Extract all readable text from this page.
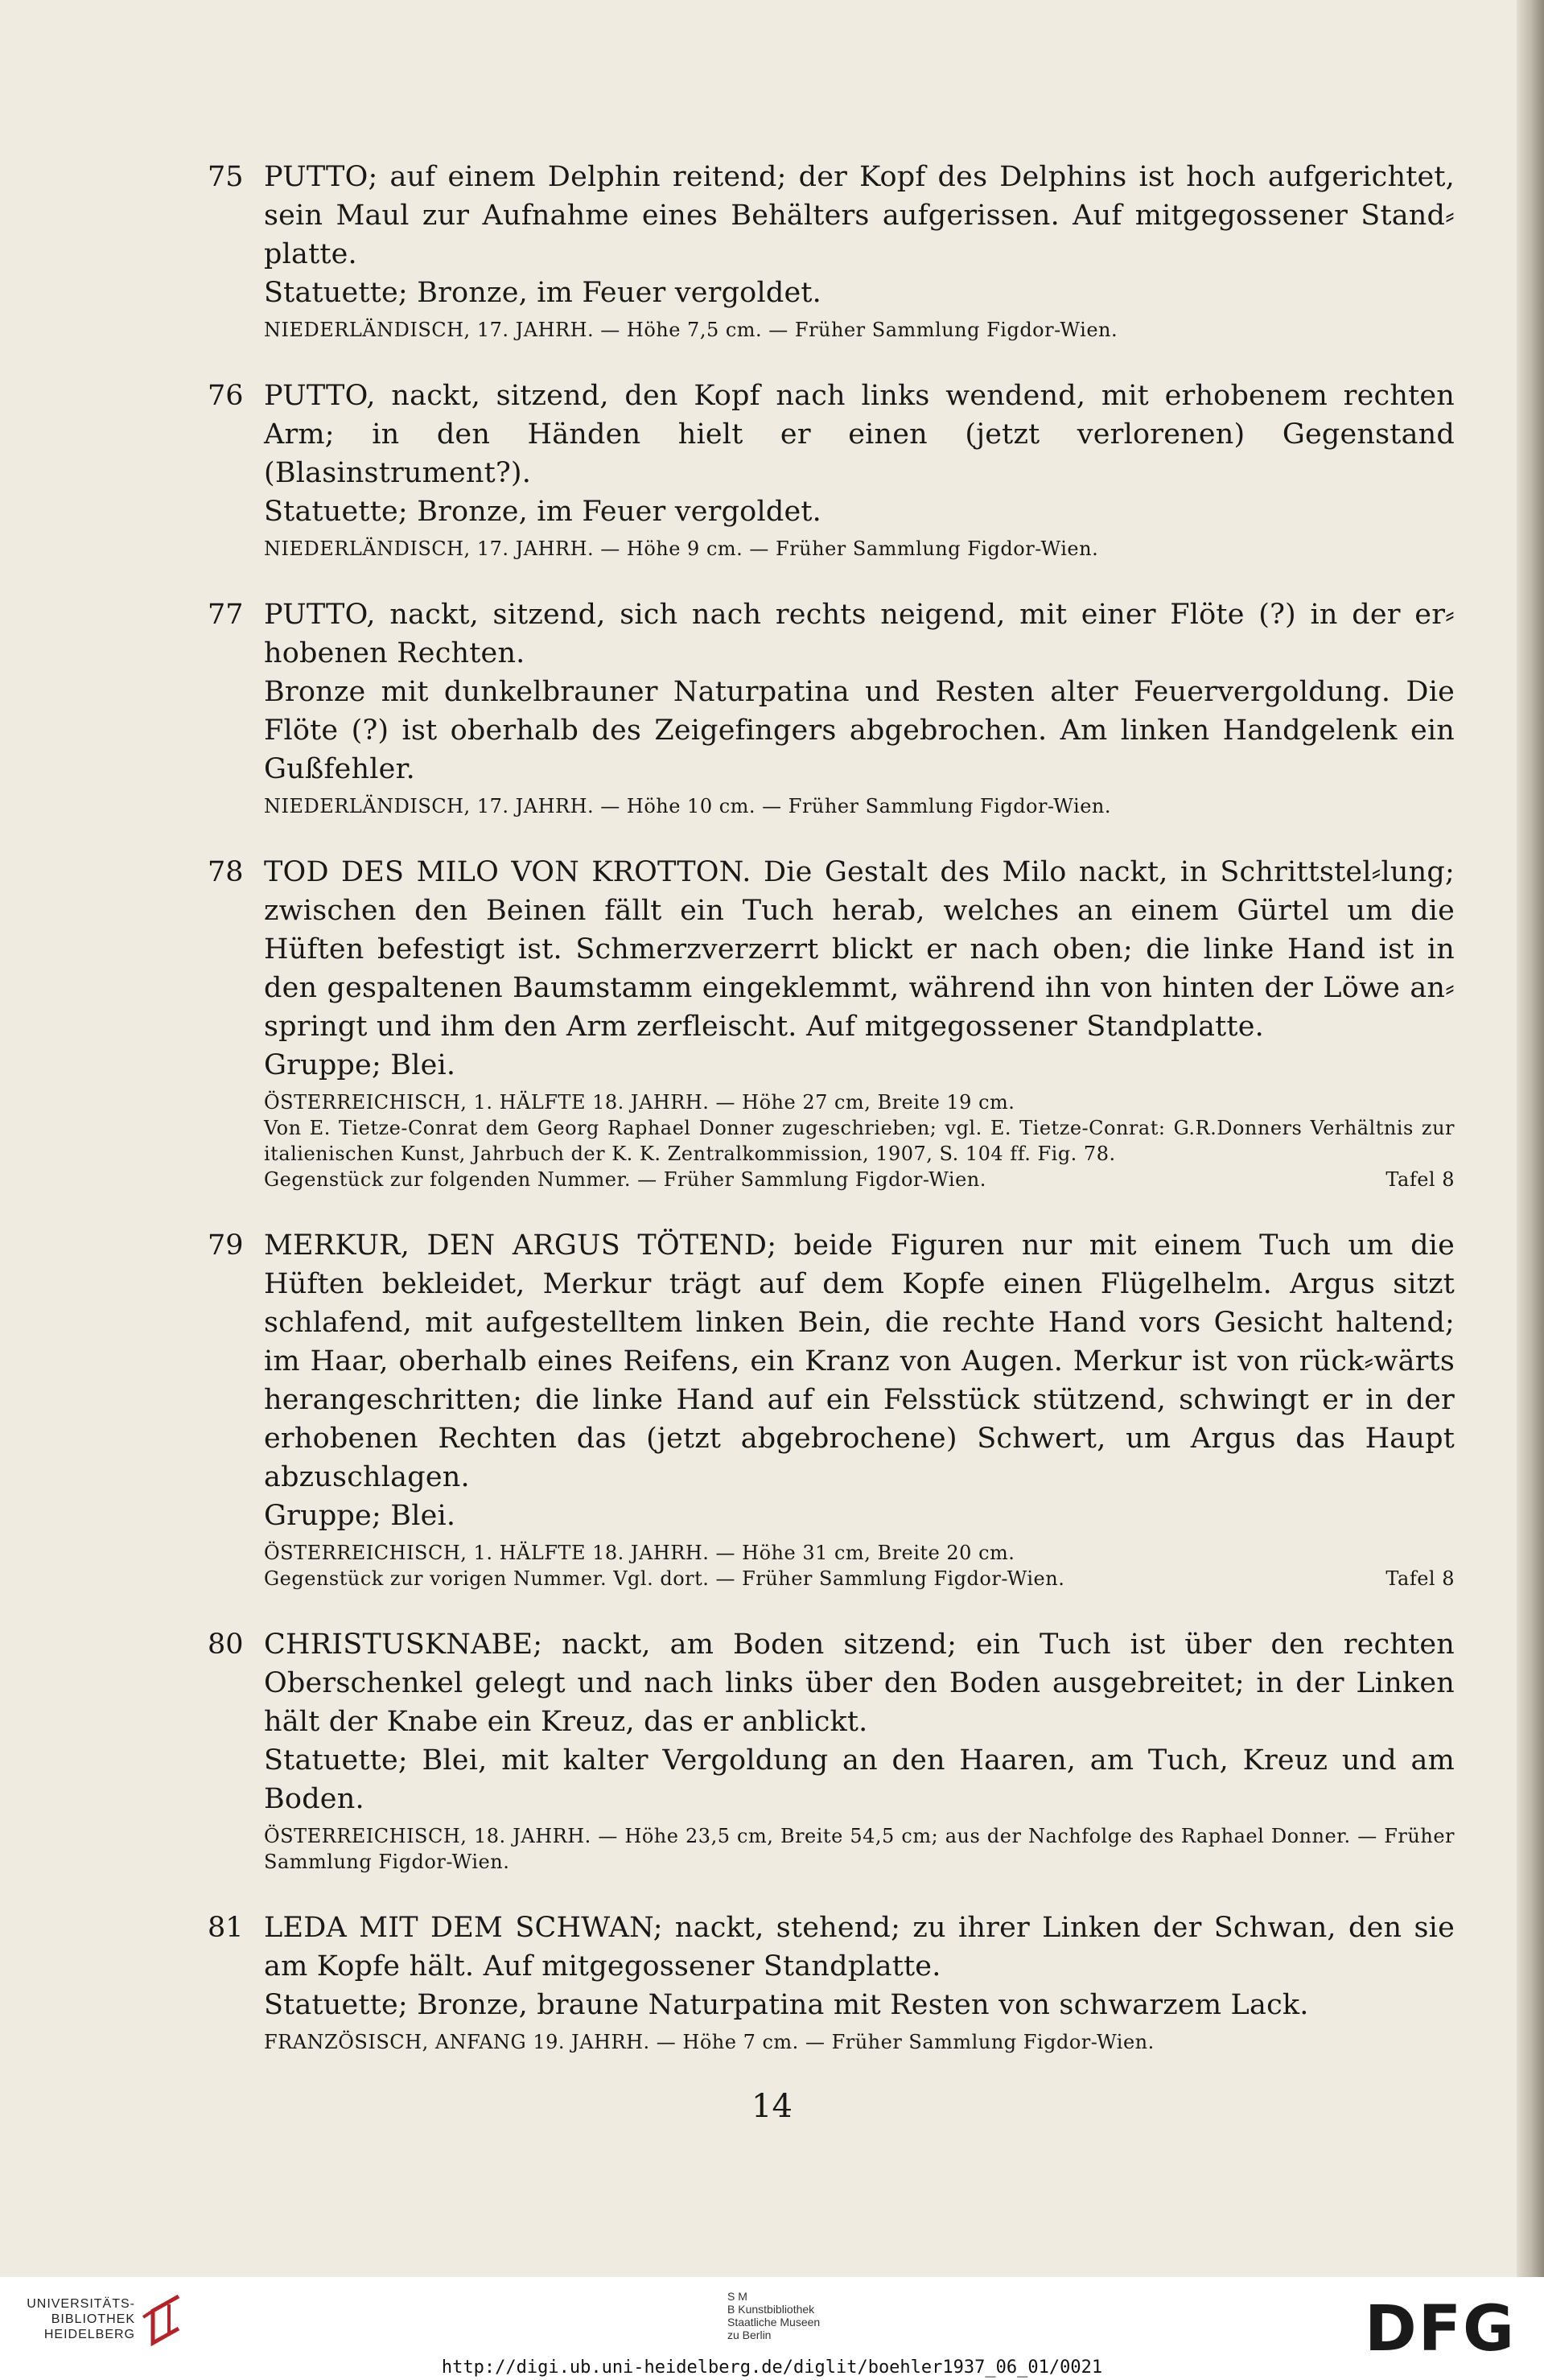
75 PUTTO; auf einem Delphin reitend; der Kopf des Delphins ist hoch aufgerichtet, sein Maul zur Aufnahme eines Behälters aufgerissen. Auf mitgegossener Stand⸗platte.

Statuette; Bronze, im Feuer vergoldet.

NIEDERLÄNDISCH, 17. JAHRH. — Höhe 7,5 cm. — Früher Sammlung Figdor-Wien.

76 PUTTO, nackt, sitzend, den Kopf nach links wendend, mit erhobenem rechten Arm; in den Händen hielt er einen (jetzt verlorenen) Gegenstand (Blasinstrument?).

Statuette; Bronze, im Feuer vergoldet.

NIEDERLÄNDISCH, 17. JAHRH. — Höhe 9 cm. — Früher Sammlung Figdor-Wien.

77 PUTTO, nackt, sitzend, sich nach rechts neigend, mit einer Flöte (?) in der er⸗hobenen Rechten.

Bronze mit dunkelbrauner Naturpatina und Resten alter Feuervergoldung. Die Flöte (?) ist oberhalb des Zeigefingers abgebrochen. Am linken Handgelenk ein Gußfehler.

NIEDERLÄNDISCH, 17. JAHRH. — Höhe 10 cm. — Früher Sammlung Figdor-Wien.

78 TOD DES MILO VON KROTTON. Die Gestalt des Milo nackt, in Schrittstel⸗lung; zwischen den Beinen fällt ein Tuch herab, welches an einem Gürtel um die Hüften befestigt ist. Schmerzverzerrt blickt er nach oben; die linke Hand ist in den gespaltenen Baumstamm eingeklemmt, während ihn von hinten der Löwe an⸗springt und ihm den Arm zerfleischt. Auf mitgegossener Standplatte.

Gruppe; Blei.

ÖSTERREICHISCH, 1. HÄLFTE 18. JAHRH. — Höhe 27 cm, Breite 19 cm.

Von E. Tietze-Conrat dem Georg Raphael Donner zugeschrieben; vgl. E. Tietze-Conrat: G.R.Donners Verhältnis zur italienischen Kunst, Jahrbuch der K. K. Zentralkommission, 1907, S. 104 ff. Fig. 78.

Gegenstück zur folgenden Nummer. — Früher Sammlung Figdor-Wien.	Tafel 8
79 MERKUR, DEN ARGUS TÖTEND; beide Figuren nur mit einem Tuch um die Hüften bekleidet, Merkur trägt auf dem Kopfe einen Flügelhelm. Argus sitzt schlafend, mit aufgestelltem linken Bein, die rechte Hand vors Gesicht haltend; im Haar, oberhalb eines Reifens, ein Kranz von Augen. Merkur ist von rück⸗wärts herangeschritten; die linke Hand auf ein Felsstück stützend, schwingt er in der erhobenen Rechten das (jetzt abgebrochene) Schwert, um Argus das Haupt abzuschlagen.

Gruppe; Blei.

ÖSTERREICHISCH, 1. HÄLFTE 18. JAHRH. — Höhe 31 cm, Breite 20 cm.

Gegenstück zur vorigen Nummer. Vgl. dort. — Früher Sammlung Figdor-Wien.	Tafel 8
80 CHRISTUSKNABE; nackt, am Boden sitzend; ein Tuch ist über den rechten Oberschenkel gelegt und nach links über den Boden ausgebreitet; in der Linken hält der Knabe ein Kreuz, das er anblickt.

Statuette; Blei, mit kalter Vergoldung an den Haaren, am Tuch, Kreuz und am Boden.

ÖSTERREICHISCH, 18. JAHRH. — Höhe 23,5 cm, Breite 54,5 cm; aus der Nachfolge des Raphael Donner. — Früher Sammlung Figdor-Wien.

81 LEDA MIT DEM SCHWAN; nackt, stehend; zu ihrer Linken der Schwan, den sie am Kopfe hält. Auf mitgegossener Standplatte.

Statuette; Bronze, braune Naturpatina mit Resten von schwarzem Lack.

FRANZÖSISCH, ANFANG 19. JAHRH. — Höhe 7 cm. — Früher Sammlung Figdor-Wien.

14
UNIVERSITÄTS-
BIBLIOTHEK
HEIDELBERG
S M
B Kunstbibliothek
Staatliche Museen
zu Berlin	DFG
http://digi.ub.uni-heidelberg.de/diglit/boehler1937_06_01/0021
